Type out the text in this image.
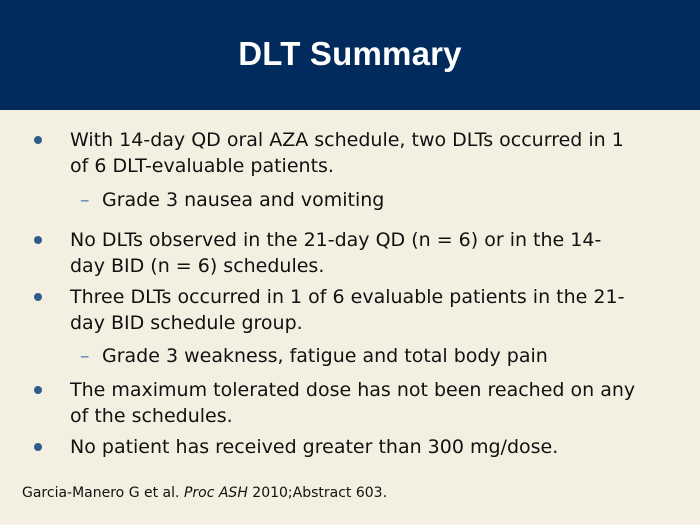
DLT Summary
With 14-day QD oral AZA schedule, two DLTs occurred in 1
of 6 DLT-evaluable patients.
– Grade 3 nausea and vomiting
No DLTs observed in the 21-day QD (n = 6) or in the 14-
day BID (n = 6) schedules.
Three DLTs occurred in 1 of 6 evaluable patients in the 21-
day BID schedule group.
– Grade 3 weakness, fatigue and total body pain
The maximum tolerated dose has not been reached on any
of the schedules.
No patient has received greater than 300 mg/dose.
Garcia-Manero G et al. Proc ASH 2010;Abstract 603.
